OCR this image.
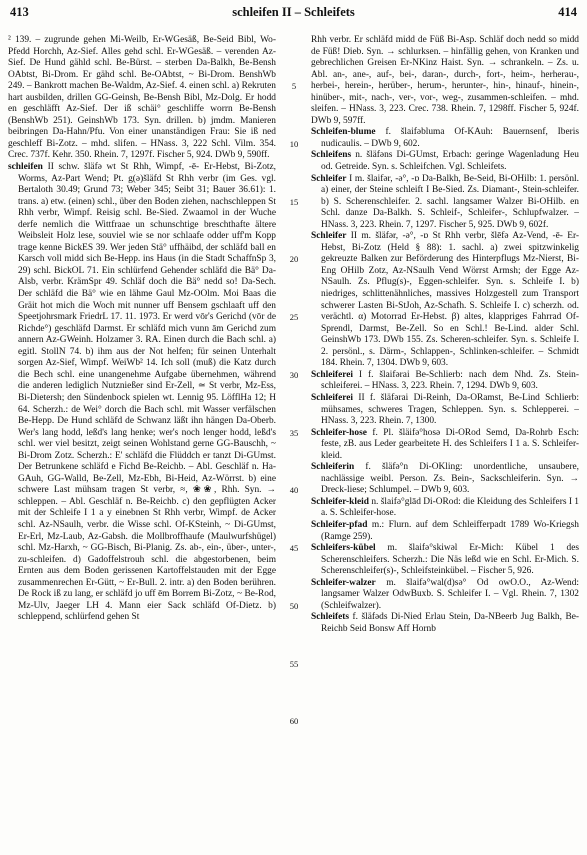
413	schleifen II – Schleifets	414

² 139. – zugrunde gehen Mi-Weilb, Er-WGesäß, Be-Seid Bibl, Wo-Pfedd Horchh, Az-Sief. Alles gehd schl. Er-WGesäß. – verenden Az-Sief. De Hund gähld schl. Be-Bürst. – sterben Da-Balkh, Be-Bensh OAbtst, Bi-Drom. Er gähd schl. Be-OAbtst, ~ Bi-Drom. BenshWb 249. – Bankrott machen Be-Waldm, Az-Sief. 4. einen schl. a) Rekruten hart ausbilden, drillen GG-Geinsh, Be-Bensh Bibl, Mz-Dolg. Er hodd en geschläfft Az-Sief. Der iß schäi° geschliffe worrn Be-Bensh (BenshWb 251). GeinshWb 173. Syn. drillen. b) jmdm. Manieren beibringen Da-Hahn/Pfu. Von einer unanständigen Frau: Sie iß ned geschleff Bi-Zotz. – mhd. slifen. – HNass. 3, 222 Schl. Vilm. 354. Crec. 737f. Kehr. 350. Rhein. 7, 1297f. Fischer 5, 924. DWb 9, 590ff.

schleifen II schw. šläfə wt St Rhh, Wimpf, -ē- Er-Hebst, Bi-Zotz, Worms, Az-Part Wend; Pt. g(ə)šläfd St Rhh verbr (im Ges. vgl. Bertaloth 30.49; Grund 73; Weber 345; Seibt 31; Bauer 36.61): 1. trans. a) etw. (einen) schl., über den Boden ziehen, nachschleppen St Rhh verbr, Wimpf. Reisig schl. Be-Sied. Zwaamol in der Wuche derfe nemlich die Wittfraae un schunschtige breschthafte ältere Weibsleit Holz lese, souviel wie se nor schlaafe odder uff'm Kopp trage kenne BickES 39. Wer jeden Stä° uffhäibd, der schläfd ball en Karsch voll midd sich Be-Hepp. ins Haus (in die Stadt SchaffnSp 3, 29) schl. BickOL 71. Ein schlürfend Gehender schläfd die Bä° Da-Alsb, verbr. KrämSpr 49. Schläf doch die Bä° nedd so! Da-Sech. Der schläfd die Bä° wie en lähme Gaul Mz-OOlm. Moi Baas die Gräit hot mich die Woch mit nunner uff Bensem gschlaaft uff den Speetjohrsmark FriedrL 17. 11. 1973. Er werd vōr's Gerichd (vōr de Richde°) geschläfd Darmst. Er schläfd mich vunn ām Gerichd zum annern Az-GWeinh. Holzamer 3. RA. Einen durch die Bach schl. a) egitl. StollN 74. b) ihm aus der Not helfen; für seinen Unterhalt sorgen Az-Sief, Wimpf. WeiWb² 14. Ich soll (muß) die Katz durch die Bech schl. eine unangenehme Aufgabe übernehmen, während die anderen lediglich Nutznießer sind Er-Zell, ≃ St verbr, Mz-Ess, Bi-Dietersh; den Sündenbock spielen wt. Lennig 95. LöfflHa 12; H 64. Scherzh.: de Wei° dorch die Bach schl. mit Wasser verfälschen Be-Hepp. De Hund schläfd de Schwanz läßt ihn hängen Da-Oberb. Wer's lang hodd, leßd's lang henke; wer's noch lenger hodd, leßd's schl. wer viel besitzt, zeigt seinen Wohlstand gerne GG-Bauschh, ~ Bi-Drom Zotz. Scherzh.: E' schläfd die Flüddch er tanzt Di-GUmst. Der Betrunkene schläfd e Fichd Be-Reichb. – Abl. Geschläf n. Ha-GAuh, GG-Walld, Be-Zell, Mz-Ebh, Bi-Heid, Az-Wörrst. b) eine schwere Last mühsam tragen St verbr, ≈, ❀❀, Rhh. Syn. → schleppen. – Abl. Geschläf n. Be-Reichb. c) den gepflügten Acker mit der Schleife I 1 a y einebnen St Rhh verbr, Wimpf. de Acker schl. Az-NSaulh, verbr. die Wisse schl. Of-KSteinh, ~ Di-GUmst, Er-Erl, Mz-Laub, Az-Gabsh. die Mollbroffhaufe (Maulwurfshügel) schl. Mz-Harxh, ~ GG-Bisch, Bi-Planig. Zs. ab-, ein-, über-, unter-, zu-schleifen. d) Gadoffelstrouh schl. die abgestorbenen, beim Ernten aus dem Boden gerissenen Kartoffelstauden mit der Egge zusammenrechen Er-Gütt, ~ Er-Bull. 2. intr. a) den Boden berühren. De Rock iß zu lang, er schläfd jo uff ēm Borrem Bi-Zotz, ~ Be-Rod, Mz-Ulv, Jaeger LH 4. Mann eier Sack schläfd Of-Dietz. b) schleppend, schlürfend gehen St

5
10
15
20
25
30
35
40
45
50
55
60

Rhh verbr. Er schläfd midd de Füß Bi-Asp. Schläf doch nedd so midd de Füß! Dieb. Syn. → schlurksen. – hinfällig gehen, von Kranken und gebrechlichen Greisen Er-NKinz Haist. Syn. → schrankeln. – Zs. u. Abl. an-, ane-, auf-, bei-, daran-, durch-, fort-, heim-, herherau-, herbei-, herein-, herüber-, herum-, herunter-, hin-, hinauf-, hinein-, hinüber-, mit-, nach-, ver-, vor-, weg-, zusammen-schleifen. – mhd. sleifen. – HNass. 3, 223. Crec. 738. Rhein. 7, 1298ff. Fischer 5, 924f. DWb 9, 597ff.

Schleifen-blume f. šlaifəbluma Of-KAuh: Bauernsenf, Iberis nudicaulis. – DWb 9, 602.

Schleifens n. šläfəns Di-GUmst, Erbach: geringe Wagenladung Heu od. Getreide. Syn. s. Schleifchen. Vgl. Schleifets.

Schleifer I m. šlaifər, -ə°, -ɒ Da-Balkh, Be-Seid, Bi-OHilb: 1. persönl. a) einer, der Steine schleift I Be-Sied. Zs. Diamant-, Stein-schleifer. b) S. Scherenschleifer. 2. sachl. langsamer Walzer Bi-OHilb. en Schl. danze Da-Balkh. S. Schleif-, Schleifer-, Schlupfwalzer. – HNass. 3, 223. Rhein. 7, 1297. Fischer 5, 925. DWb 9, 602f.

Schleifer II m. šläfər, -ə°, -ɒ St Rhh verbr, šlēfə Az-Vend, -ē- Er-Hebst, Bi-Zotz (Held § 88): 1. sachl. a) zwei spitzwinkelig gekreuzte Balken zur Beförderung des Hinterpflugs Mz-Nierst, Bi-Eng OHilb Zotz, Az-NSaulh Vend Wörrst Armsh; der Egge Az-NSaulh. Zs. Pflug(s)-, Eggen-schleifer. Syn. s. Schleife I. b) niedriges, schlittenähnliches, massives Holzgestell zum Transport schwerer Lasten Bi-StJoh, Az-Schafh. S. Schleife I. c) scherzh. od. verächtl. α) Motorrad Er-Hebst. β) altes, klappriges Fahrrad Of-Sprendl, Darmst, Be-Zell. So en Schl.! Be-Lind. alder Schl. GeinshWb 173. DWb 155. Zs. Scheren-schleifer. Syn. s. Schleife I. 2. persönl., s. Därm-, Schlappen-, Schlinken-schleifer. – Schmidt 184. Rhein. 7, 1304. DWb 9, 603.

Schleiferei I f. šlaifərai Be-Schlierb: nach dem Nhd. Zs. Stein-schleiferei. – HNass. 3, 223. Rhein. 7, 1294. DWb 9, 603.

Schleiferei II f. šläfərai Di-Reinh, Da-ORamst, Be-Lind Schlierb: mühsames, schweres Tragen, Schleppen. Syn. s. Schlepperei. – HNass. 3, 223. Rhein. 7, 1300.

Schleifer-hose f. Pl. šläifə°hosə Di-ORod Semd, Da-Rohrb Esch: feste, zB. aus Leder gearbeitete H. des Schleifers I 1 a. S. Schleifer-kleid.

Schleiferin f. šläfə°n Di-OKling: unordentliche, unsaubere, nachlässige weibl. Person. Zs. Bein-, Sackschleiferin. Syn. → Dreck-liese; Schlumpel. – DWb 9, 603.

Schleifer-kleid n. šlaifə°glād Di-ORod: die Kleidung des Schleifers I 1 a. S. Schleifer-hose.

Schleifer-pfad m.: Flurn. auf dem Schleifferpadt 1789 Wo-Kriegsh (Ramge 259).

Schleifers-kübel m. šlaifə°skiwəl Er-Mich: Kübel 1 des Scherenschleifers. Scherzh.: Die Näs leßd wie en Schl. Er-Mich. S. Scherenschleifer(s)-, Schleifsteinkübel. – Fischer 5, 926.

Schleifer-walzer m. šlaifə°wal(d)sə° Od owO.O., Az-Wend: langsamer Walzer OdwBuxb. S. Schleifer I. – Vgl. Rhein. 7, 1302 (Schleifwalzer).

Schleifets f. šläfəds Di-Nied Erlau Stein, Da-NBeerb Jug Balkh, Be-Reichb Seid Bonsw Aff Hornb
